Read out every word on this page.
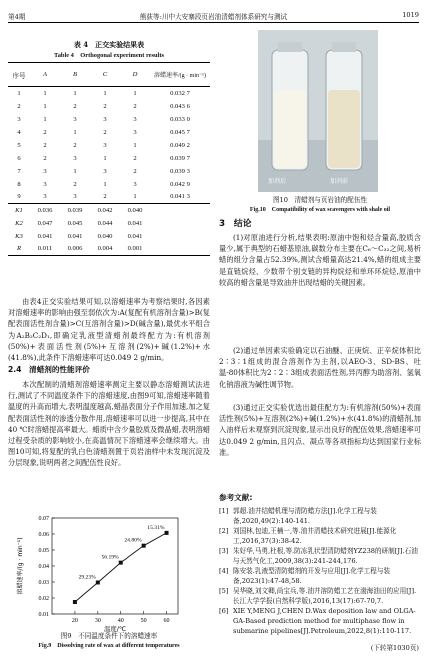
第4期	熊荻等:川中大安寨段页岩油清蜡剂体系研究与测试	1019
表 4　正交实验结果表
Table 4　Orthogonal experiment results
序号	A	B	C	D	溶蜡速率/(g · min⁻¹)
1	1	1	1	1	0.032 7
2	1	2	2	2	0.043 6
3	1	3	3	3	0.033 0
4	2	1	2	3	0.045 7
5	2	2	3	1	0.049 2
6	2	3	1	2	0.039 7
7	3	1	3	2	0.039 3
8	3	2	1	3	0.042 9
9	3	3	2	1	0.041 3
K1	0.036	0.039	0.042	0.040	
K2	0.047	0.045	0.044	0.041	
K3	0.041	0.041	0.040	0.041	
R	0.011	0.006	0.004	0.001	
由表4正交实验结果可知,以溶蜡速率为考察结果时,各因素对溶蜡速率的影响由强至弱依次为:A(复配有机溶剂含量)>B(复配表面活性剂含量)>C(互溶剂含量)>D(碱含量),最优水平组合为A₂B₂C₂D₁,即确定乳液型清蜡剂最终配方为:有机溶剂(50%)+表面活性剂(5%)+互溶剂(2%)+碱(1.2%)+水(41.8%),此条件下溶蜡速率可达0.049 2 g/min。
2.4　清蜡剂的性能评价
本次配制的清蜡剂溶蜡速率测定主要以静态溶蜡测试法进行,测试了不同温度条件下的溶蜡速度,由图9可知,溶蜡速率随着温度的升高而增大,表明温度越高,蜡晶表面分子作用加速,加之复配表面活性剂的渗透分散作用,溶蜡速率可以进一步提高,其中在40 ℃时溶蜡提高率最大。蜡质中含少量胶质及微晶蜡,表明溶蜡过程受杂质的影响较小,在高温情况下溶蜡速率会继续增大。由图10可知,将复配的乳白色清蜡剂置于页岩油样中未发现沉淀及分层现象,说明两者之间配伍性良好。
0.01
0.02
0.03
0.04
0.05
0.06
0.07
20	30	40	50	60
温度/℃
溶蜡速率/(g · min⁻¹)	29.23%
56.19%
24.80%
15.31%
图9　不同温度条件下的溶蜡速率
Fig.9　Dissolving rate of wax at different temperatures
加剂后	加剂前
图10　清蜡剂与页岩油的配伍性
Fig.10　Compatibility of wax scavengers with shale oil
3　结论
(1)对原油进行分析,结果表明:原油中饱和烃含量高,胶质含量少,属于典型的石蜡基原油,碳数分布主要在C₆～C₃₂之间,易析蜡的组分含量占52.39%,测试含蜡量高达21.4%,蜡的组成主要是直链烷烃、少数带个别支链的异构烷烃和单环环烷烃,原油中较高的蜡含量是导致油井出现结蜡的关键因素。
(2)通过单因素实验确定以石油醚、正庚烷、正辛烷体积比2∶3∶1组成的混合溶剂作为主剂,以AEO-3、SD-BS、吐温-80体积比为2∶2∶3组成表面活性剂,异丙醇为助溶剂、氢氧化钠溶液为碱性调节物。
(3)通过正交实验优选出最佳配方为:有机溶剂(50%)+表面活性剂(5%)+互溶剂(2%)+碱(1.2%)+水(41.8%)的清蜡剂,加入油样后未观察到沉淀现象,显示出良好的配伍效果,溶蜡速率可达0.049 2 g/min,且闪点、凝点等各项指标均达到国家行业标准。
参考文献:
[1] 郭超.油井结蜡机理与清防蜡方法[J].化学工程与装备,2020,49(2):140-141.
[2] 刘国林,包迪,王楠一,等.油井清蜡技术研究进展[J].能源化工,2016,37(3):38-42.
[3] 朱好华,马勇,杜根,等.防冻乳状型清防蜡剂YZ238的研制[J].石油与天然气化工,2009,38(3):241-244,176.
[4] 陈安装.乳液型清防蜡剂的开发与应用[J].化学工程与装备,2023(1):47-48,58.
[5] 吴华晓,刘文卿,尚宝兵,等.油井溶防蜡工艺在渤海油田的应用[J].长江大学学报(自然科学版),2016,13(17):67-70,7.
[6] XIE Y,MENG J,CHEN D.Wax deposition law and OLGA-GA-Based prediction method for multiphase flow in submarine pipelines[J].Petroleum,2022,8(1):110-117.
(下转第1030页)
